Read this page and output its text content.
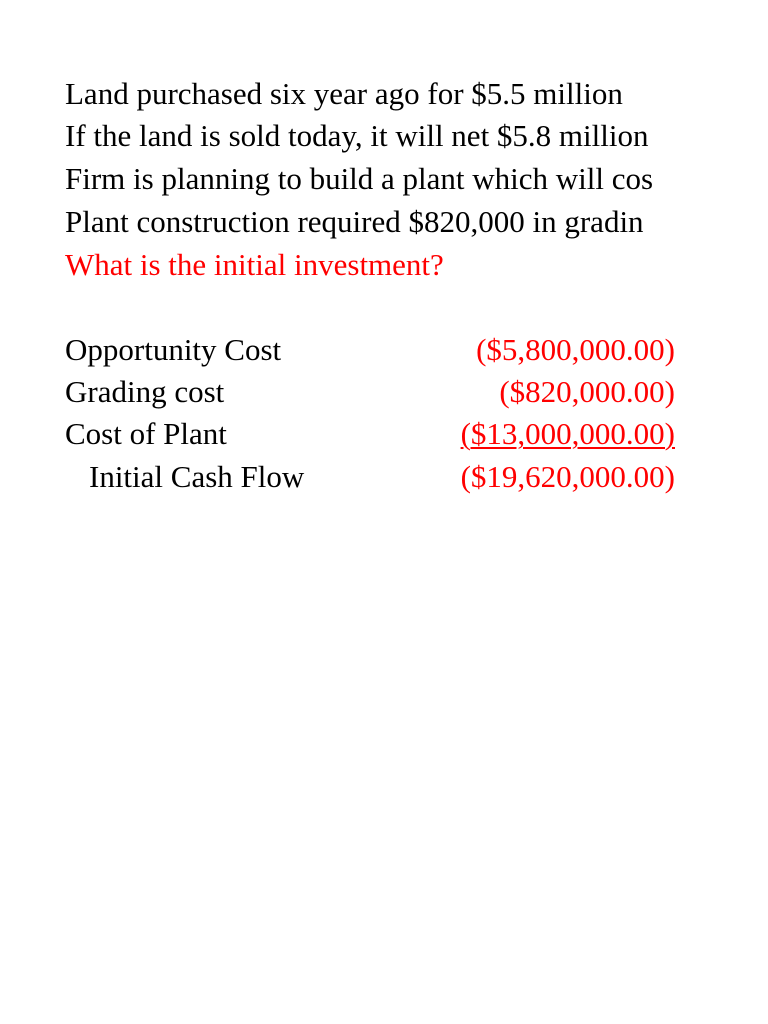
Land purchased six year ago for $5.5 million
If the land is sold today, it will net $5.8 million
Firm is planning to build a plant which will cos
Plant construction required $820,000 in gradin
What is the initial investment?
Opportunity Cost	($5,800,000.00)
Grading cost	($820,000.00)
Cost of Plant	($13,000,000.00)
Initial Cash Flow	($19,620,000.00)
